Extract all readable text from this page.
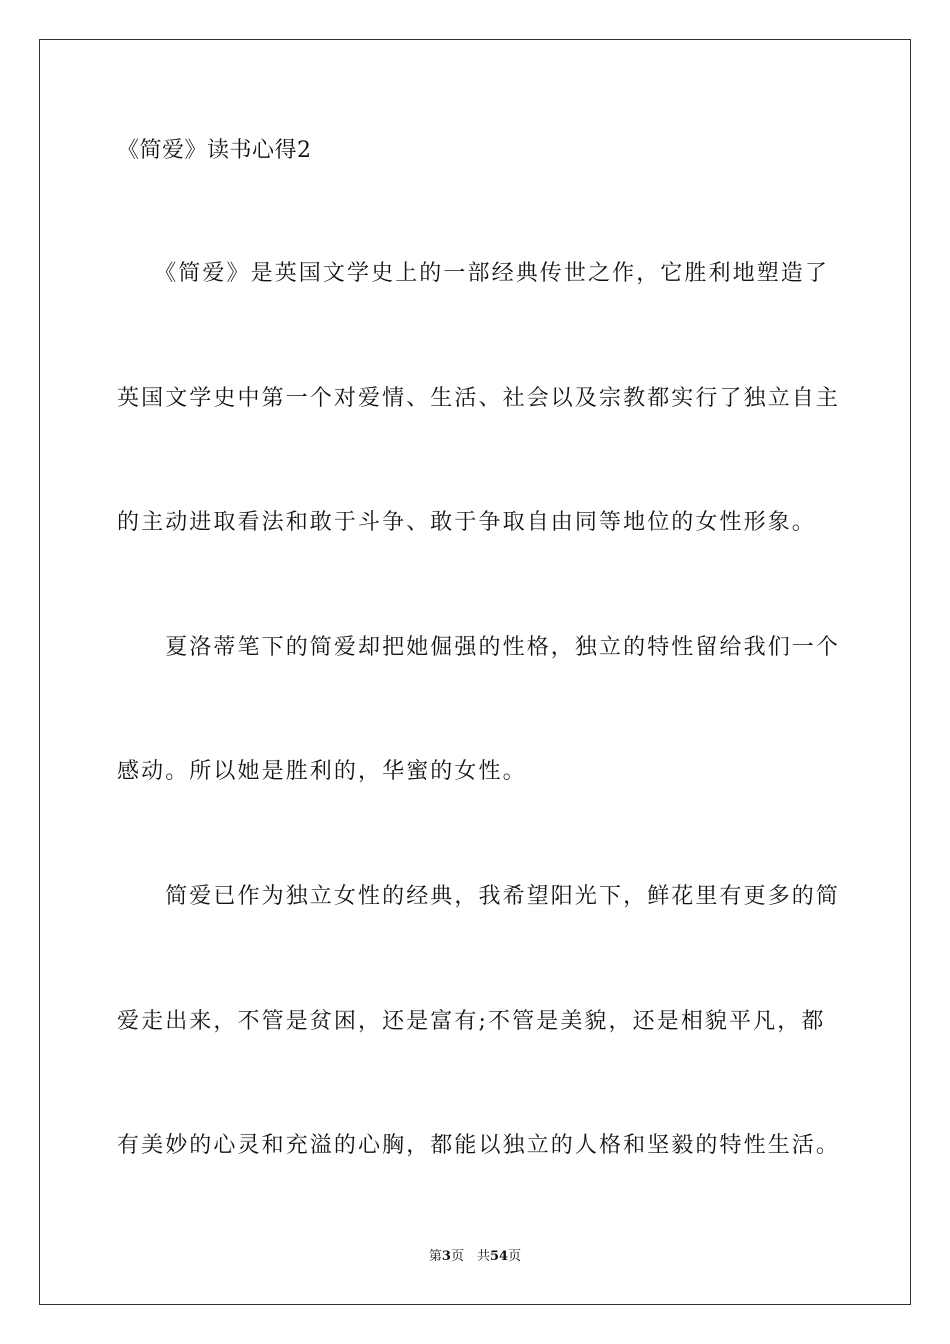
《简爱》读书心得2
　　《简爱》是英国文学史上的一部经典传世之作，它胜利地塑造了
英国文学史中第一个对爱情、生活、社会以及宗教都实行了独立自主
的主动进取看法和敢于斗争、敢于争取自由同等地位的女性形象。
　　夏洛蒂笔下的简爱却把她倔强的性格，独立的特性留给我们一个
感动。所以她是胜利的，华蜜的女性。
　　简爱已作为独立女性的经典，我希望阳光下，鲜花里有更多的简
爱走出来，不管是贫困，还是富有;不管是美貌，还是相貌平凡，都
有美妙的心灵和充溢的心胸，都能以独立的人格和坚毅的特性生活。
第3页　共54页
